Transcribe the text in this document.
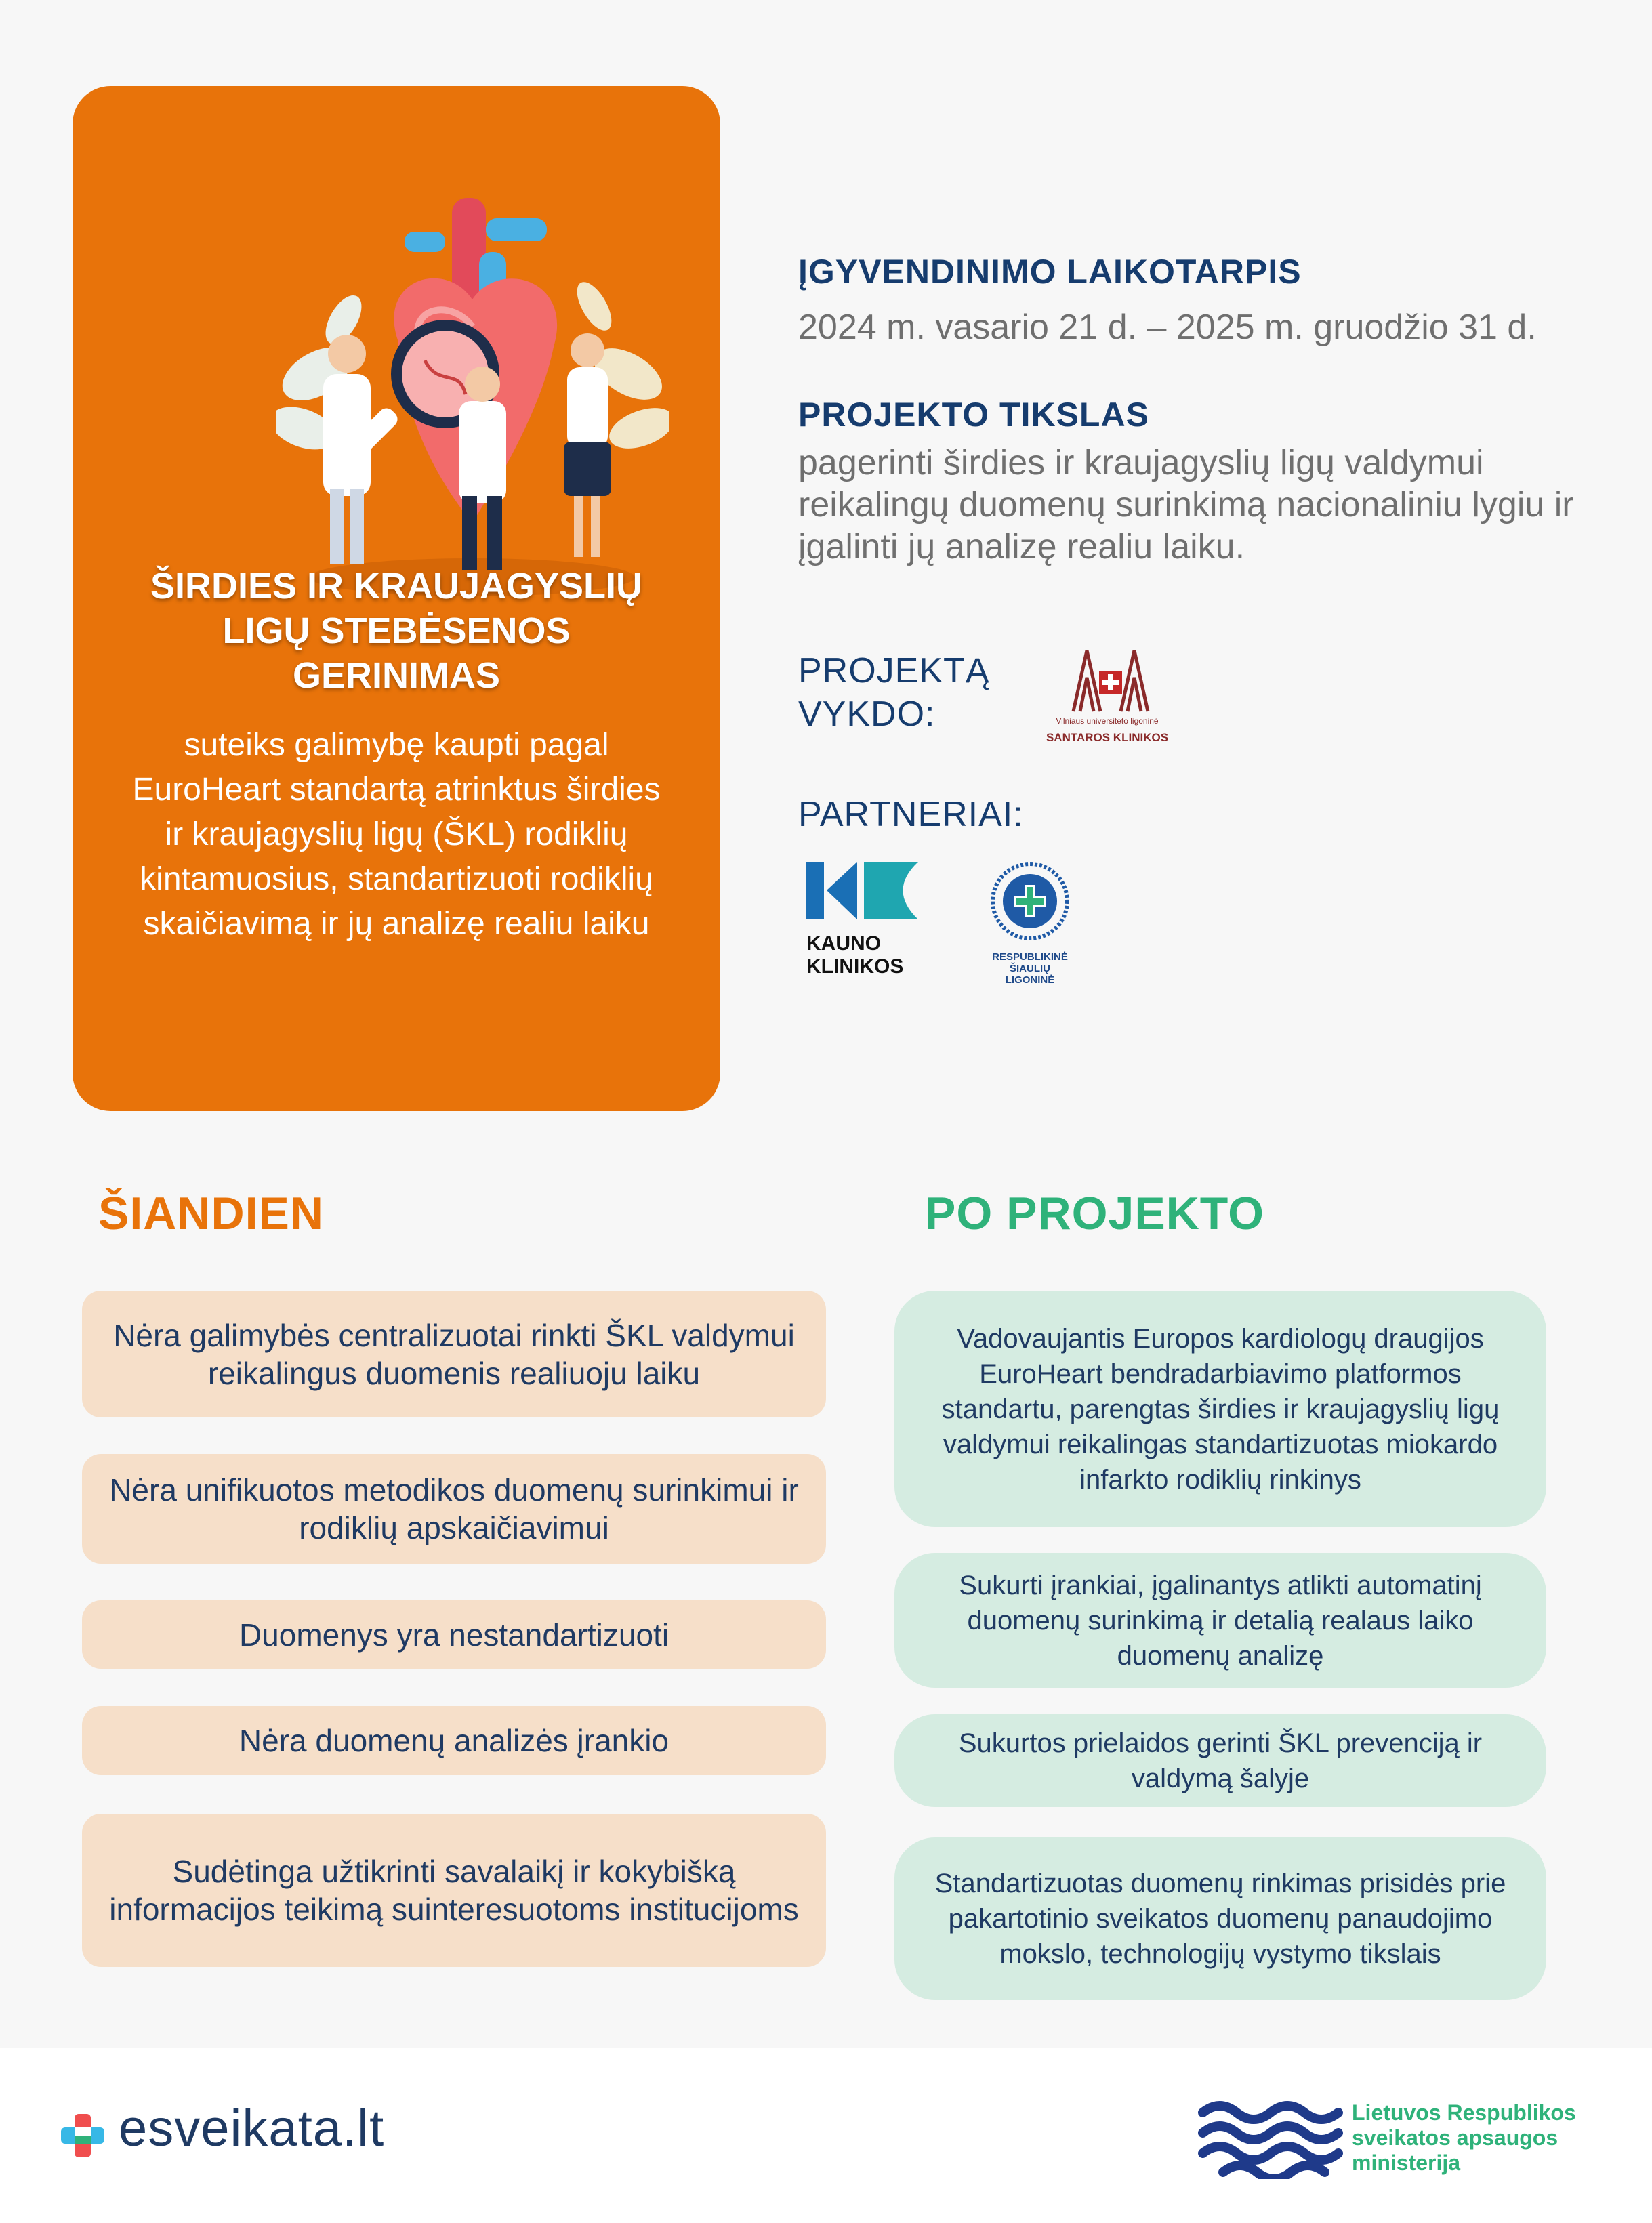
ŠIRDIES IR KRAUJAGYSLIŲ LIGŲ STEBĖSENOS GERINIMAS
suteiks galimybę kaupti pagal EuroHeart standartą atrinktus širdies ir kraujagyslių ligų (ŠKL) rodiklių kintamuosius, standartizuoti rodiklių skaičiavimą ir jų analizę realiu laiku
ĮGYVENDINIMO LAIKOTARPIS
2024 m. vasario 21 d. – 2025 m. gruodžio 31 d.
PROJEKTO TIKSLAS
pagerinti širdies ir kraujagyslių ligų valdymui reikalingų duomenų surinkimą nacionaliniu lygiu ir įgalinti jų analizę realiu laiku.
PROJEKTĄ VYKDO:
PARTNERIAI:
Vilniaus universiteto ligoninė
SANTAROS KLINIKOS
KAUNO KLINIKOS	RESPUBLIKINĖ ŠIAULIŲ LIGONINĖ
ŠIANDIEN	PO PROJEKTO
Nėra galimybės centralizuotai rinkti ŠKL valdymui reikalingus duomenis realiuoju laiku
Nėra unifikuotos metodikos duomenų surinkimui ir rodiklių apskaičiavimui
Duomenys yra nestandartizuoti
Nėra duomenų analizės įrankio
Sudėtinga užtikrinti savalaikį ir kokybišką informacijos teikimą suinteresuotoms institucijoms
Vadovaujantis Europos kardiologų draugijos EuroHeart bendradarbiavimo platformos standartu, parengtas širdies ir kraujagyslių ligų valdymui reikalingas standartizuotas miokardo infarkto rodiklių rinkinys
Sukurti įrankiai, įgalinantys atlikti automatinį duomenų surinkimą ir detalią realaus laiko duomenų analizę
Sukurtos prielaidos gerinti ŠKL prevenciją ir valdymą šalyje
Standartizuotas duomenų rinkimas prisidės prie pakartotinio sveikatos duomenų panaudojimo mokslo, technologijų vystymo tikslais
esveikata.lt	Lietuvos Respublikos sveikatos apsaugos ministerija
